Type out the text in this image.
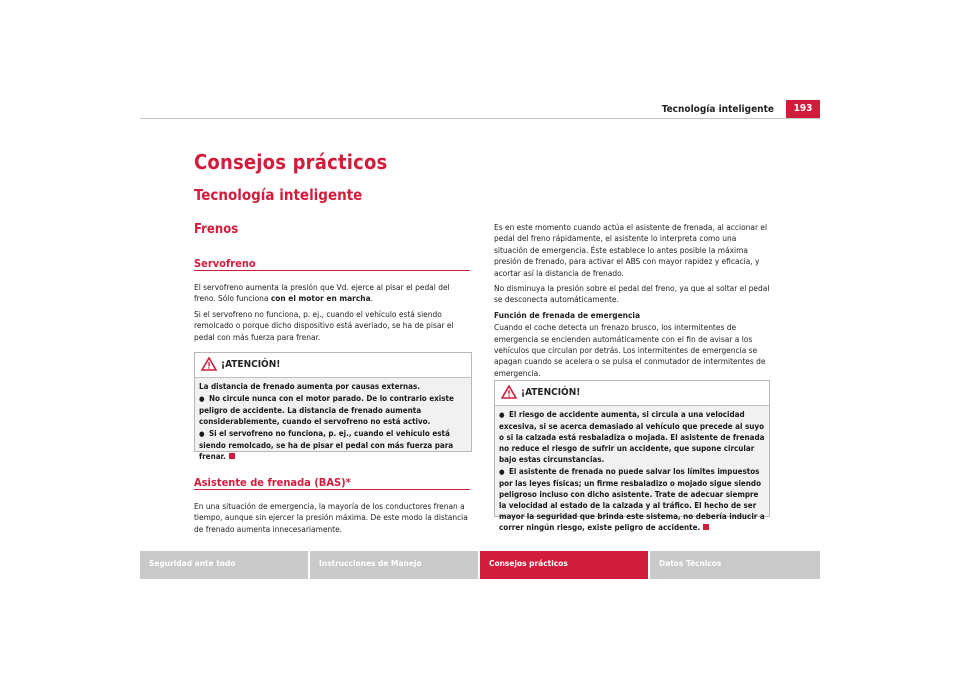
Tecnología inteligente	193
Consejos prácticos
Tecnología inteligente
Frenos
Servofreno

El servofreno aumenta la presión que Vd. ejerce al pisar el pedal del freno. Sólo funciona con el motor en marcha.

Si el servofreno no funciona, p. ej., cuando el vehículo está siendo remolcado o porque dicho dispositivo está averiado, se ha de pisar el pedal con más fuerza para frenar.

¡ATENCIÓN!

La distancia de frenado aumenta por causas externas.

● No circule nunca con el motor parado. De lo contrario existe peligro de accidente. La distancia de frenado aumenta considerablemente, cuando el servofreno no está activo.

● Si el servofreno no funciona, p. ej., cuando el vehículo está siendo remolcado, se ha de pisar el pedal con más fuerza para frenar.

Asistente de frenada (BAS)*

En una situación de emergencia, la mayoría de los conductores frenan a tiempo, aunque sin ejercer la presión máxima. De este modo la distancia de frenado aumenta innecesariamente.

Es en este momento cuando actúa el asistente de frenada, al accionar el pedal del freno rápidamente, el asistente lo interpreta como una situación de emergencia. Éste establece lo antes posible la máxima presión de frenado, para activar el ABS con mayor rapidez y eficacia, y acortar así la distancia de frenado.

No disminuya la presión sobre el pedal del freno, ya que al soltar el pedal se desconecta automáticamente.

Función de frenada de emergencia

Cuando el coche detecta un frenazo brusco, los intermitentes de emergencia se encienden automáticamente con el fin de avisar a los vehículos que circulan por detrás. Los intermitentes de emergencia se apagan cuando se acelera o se pulsa el conmutador de intermitentes de emergencia.

¡ATENCIÓN!

● El riesgo de accidente aumenta, si circula a una velocidad excesiva, si se acerca demasiado al vehículo que precede al suyo o si la calzada está resbaladiza o mojada. El asistente de frenada no reduce el riesgo de sufrir un accidente, que supone circular bajo estas circunstancias.

● El asistente de frenada no puede salvar los límites impuestos por las leyes físicas; un firme resbaladizo o mojado sigue siendo peligroso incluso con dicho asistente. Trate de adecuar siempre la velocidad al estado de la calzada y al tráfico. El hecho de ser mayor la seguridad que brinda este sistema, no debería inducir a correr ningún riesgo, existe peligro de accidente.

Seguridad ante todo	Instrucciones de Manejo	Consejos prácticos	Datos Técnicos
